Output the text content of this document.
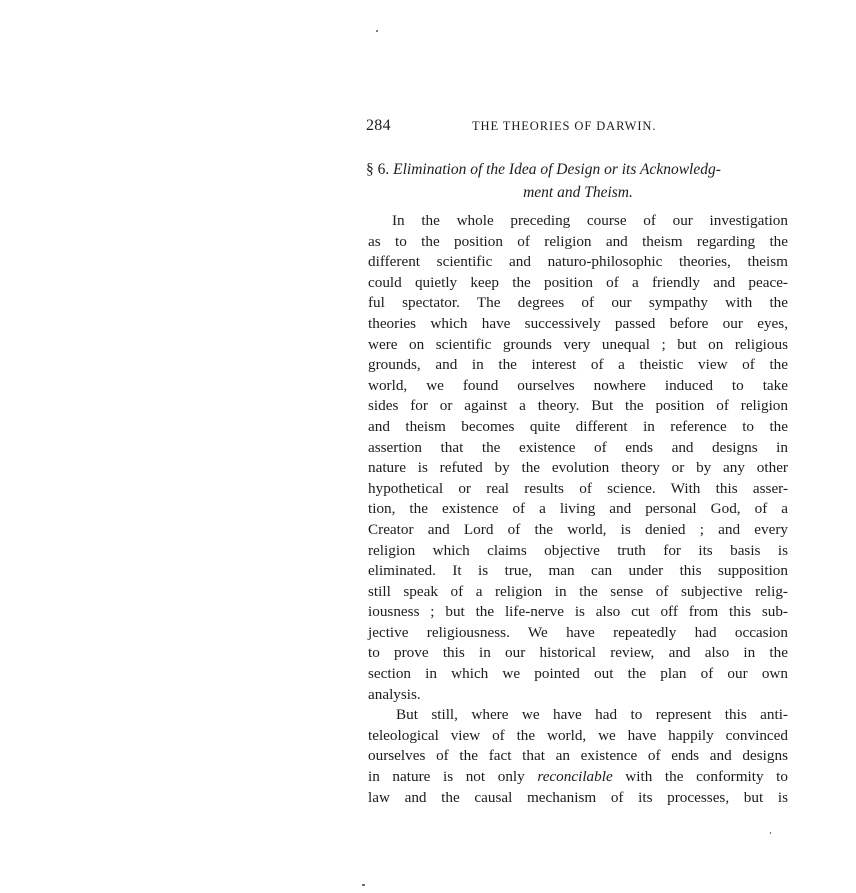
284	THE THEORIES OF DARWIN.
§ 6. Elimination of the Idea of Design or its Acknowledg-
ment and Theism.
In the whole preceding course of our investigation
as to the position of religion and theism regarding the
different scientific and naturo-philosophic theories, theism
could quietly keep the position of a friendly and peace-
ful spectator. The degrees of our sympathy with the
theories which have successively passed before our eyes,
were on scientific grounds very unequal ; but on religious
grounds, and in the interest of a theistic view of the
world, we found ourselves nowhere induced to take
sides for or against a theory. But the position of religion
and theism becomes quite different in reference to the
assertion that the existence of ends and designs in
nature is refuted by the evolution theory or by any other
hypothetical or real results of science. With this asser-
tion, the existence of a living and personal God, of a
Creator and Lord of the world, is denied ; and every
religion which claims objective truth for its basis is
eliminated. It is true, man can under this supposition
still speak of a religion in the sense of subjective relig-
iousness ; but the life-nerve is also cut off from this sub-
jective religiousness. We have repeatedly had occasion
to prove this in our historical review, and also in the
section in which we pointed out the plan of our own
analysis.
But still, where we have had to represent this anti-
teleological view of the world, we have happily convinced
ourselves of the fact that an existence of ends and designs
in nature is not only reconcilable with the conformity to
law and the causal mechanism of its processes, but is
